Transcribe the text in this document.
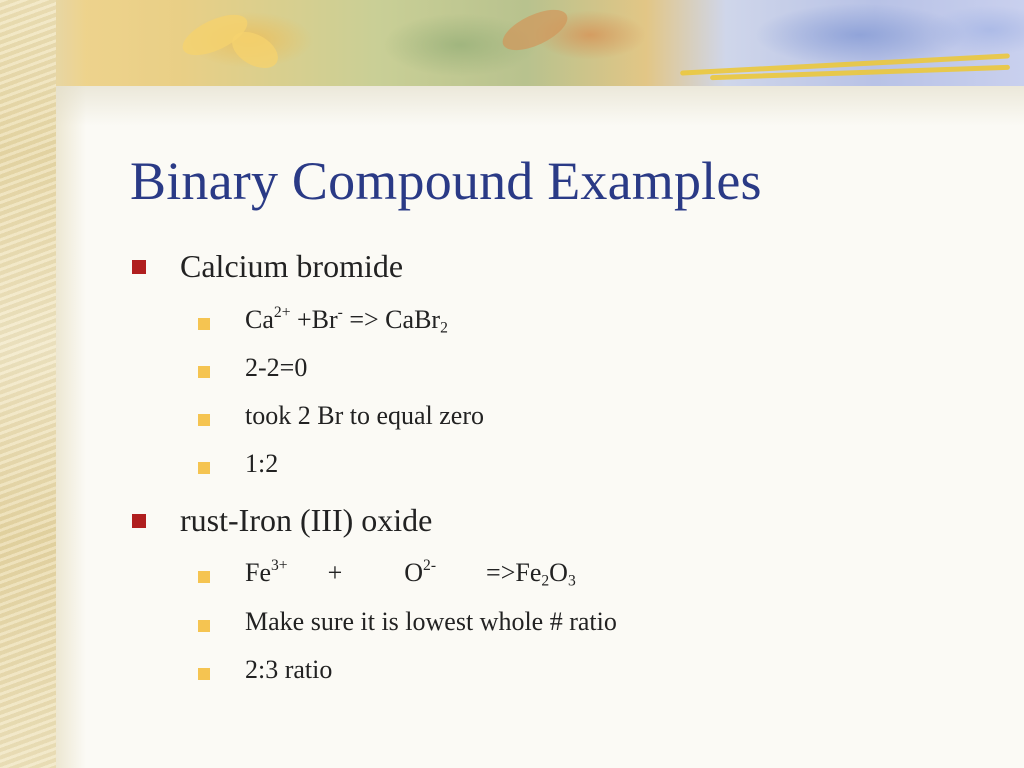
Binary Compound Examples
Calcium bromide
$Ca^{2+} +Br^-$ => CaBr$_2$
2-2=0
took 2 Br to equal zero
1:2
rust-Iron (III) oxide
$Fe^{3+} + O^{2-} =>Fe_2O_3$
Make sure it is lowest whole # ratio
2:3 ratio
